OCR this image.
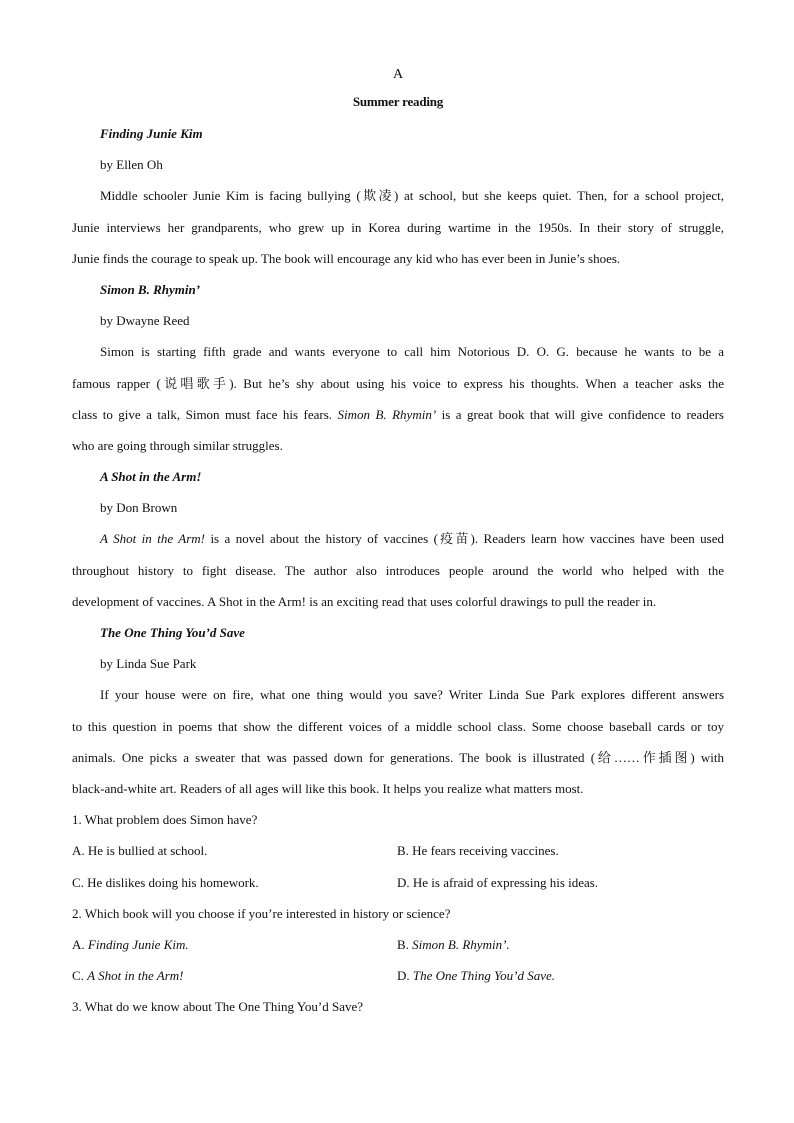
A
Summer reading
Finding Junie Kim
by Ellen Oh
Middle schooler Junie Kim is facing bullying (欺凌) at school, but she keeps quiet. Then, for a school project,
Junie interviews her grandparents, who grew up in Korea during wartime in the 1950s. In their story of struggle,
Junie finds the courage to speak up. The book will encourage any kid who has ever been in Junie’s shoes.
Simon B. Rhymin’
by Dwayne Reed
Simon is starting fifth grade and wants everyone to call him Notorious D. O. G. because he wants to be a
famous rapper (说唱歌手). But he’s shy about using his voice to express his thoughts. When a teacher asks the
class to give a talk, Simon must face his fears. Simon B. Rhymin’ is a great book that will give confidence to readers
who are going through similar struggles.
A Shot in the Arm!
by Don Brown
A Shot in the Arm! is a novel about the history of vaccines (疫苗). Readers learn how vaccines have been used
throughout history to fight disease. The author also introduces people around the world who helped with the
development of vaccines. A Shot in the Arm! is an exciting read that uses colorful drawings to pull the reader in.
The One Thing You’d Save
by Linda Sue Park
If your house were on fire, what one thing would you save? Writer Linda Sue Park explores different answers
to this question in poems that show the different voices of a middle school class. Some choose baseball cards or toy
animals. One picks a sweater that was passed down for generations. The book is illustrated (给……作插图) with
black-and-white art. Readers of all ages will like this book. It helps you realize what matters most.
1. What problem does Simon have?
A. He is bullied at school.	B. He fears receiving vaccines.
C. He dislikes doing his homework.	D. He is afraid of expressing his ideas.
2. Which book will you choose if you’re interested in history or science?
A. Finding Junie Kim.	B. Simon B. Rhymin’.
C. A Shot in the Arm!	D. The One Thing You’d Save.
3. What do we know about The One Thing You’d Save?
